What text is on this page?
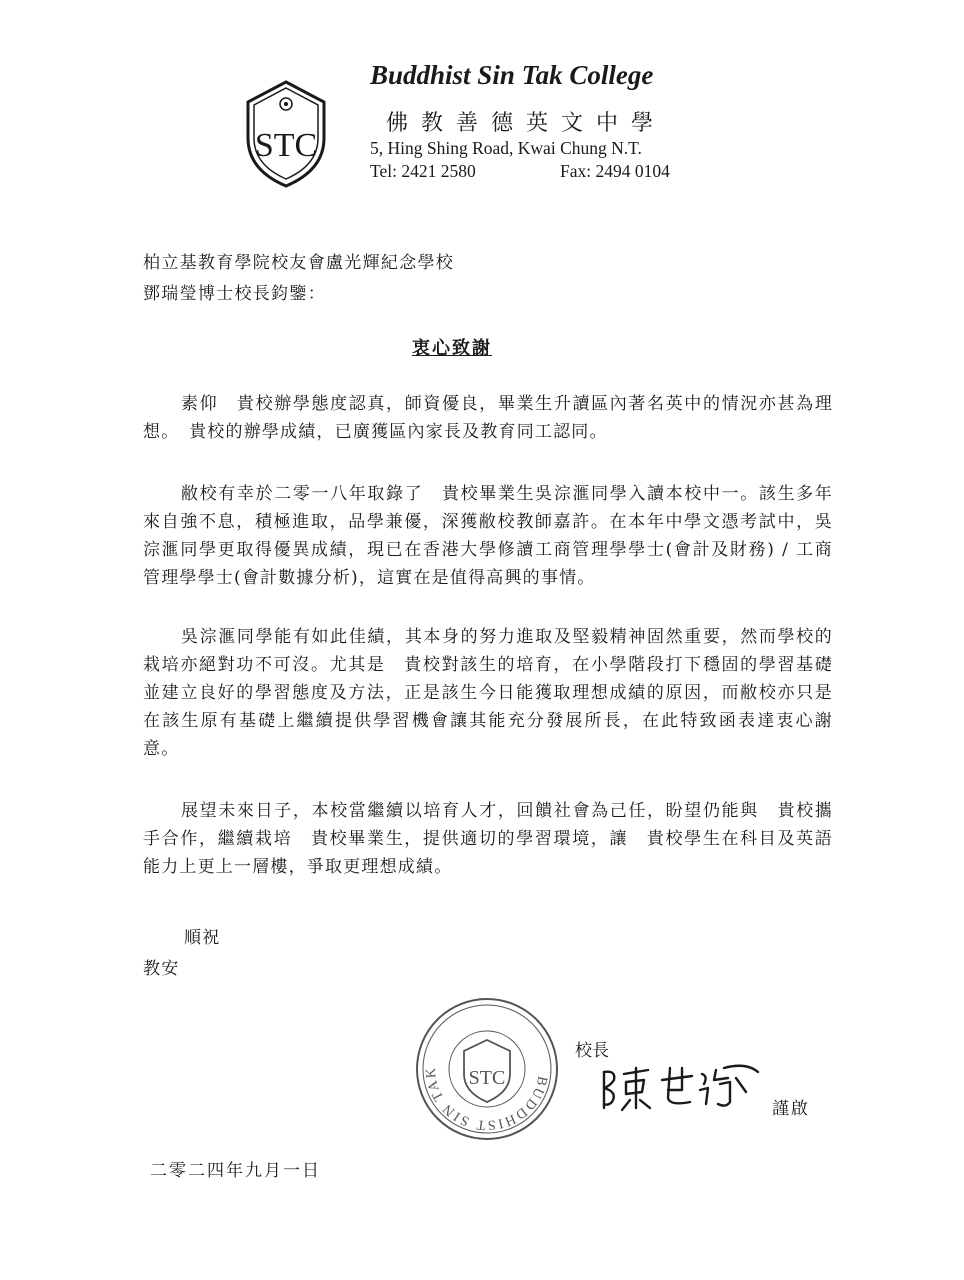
STC
Buddhist Sin Tak College
佛教善德英文中學
5, Hing Shing Road, Kwai Chung N.T.
Tel: 2421 2580	Fax: 2494 0104
柏立基教育學院校友會盧光輝紀念學校
鄧瑞瑩博士校長鈞鑒：
衷心致謝
素仰　貴校辦學態度認真，師資優良，畢業生升讀區內著名英中的情況亦甚為理想。　貴校的辦學成績，已廣獲區內家長及教育同工認同。
敝校有幸於二零一八年取錄了　貴校畢業生吳淙滙同學入讀本校中一。該生多年來自強不息，積極進取，品學兼優，深獲敝校教師嘉許。在本年中學文憑考試中，吳淙滙同學更取得優異成績，現已在香港大學修讀工商管理學學士(會計及財務) / 工商管理學學士(會計數據分析)，這實在是值得高興的事情。
吳淙滙同學能有如此佳績，其本身的努力進取及堅毅精神固然重要，然而學校的栽培亦絕對功不可沒。尤其是　貴校對該生的培育，在小學階段打下穩固的學習基礎並建立良好的學習態度及方法，正是該生今日能獲取理想成績的原因，而敝校亦只是在該生原有基礎上繼續提供學習機會讓其能充分發展所長，在此特致函表達衷心謝意。
展望未來日子，本校當繼續以培育人才，回饋社會為己任，盼望仍能與　貴校攜手合作，繼續栽培　貴校畢業生，提供適切的學習環境，讓　貴校學生在科目及英語能力上更上一層樓，爭取更理想成績。
順祝
教安
BUDDHIST SIN TAK	STC
校長
謹啟
二零二四年九月一日
